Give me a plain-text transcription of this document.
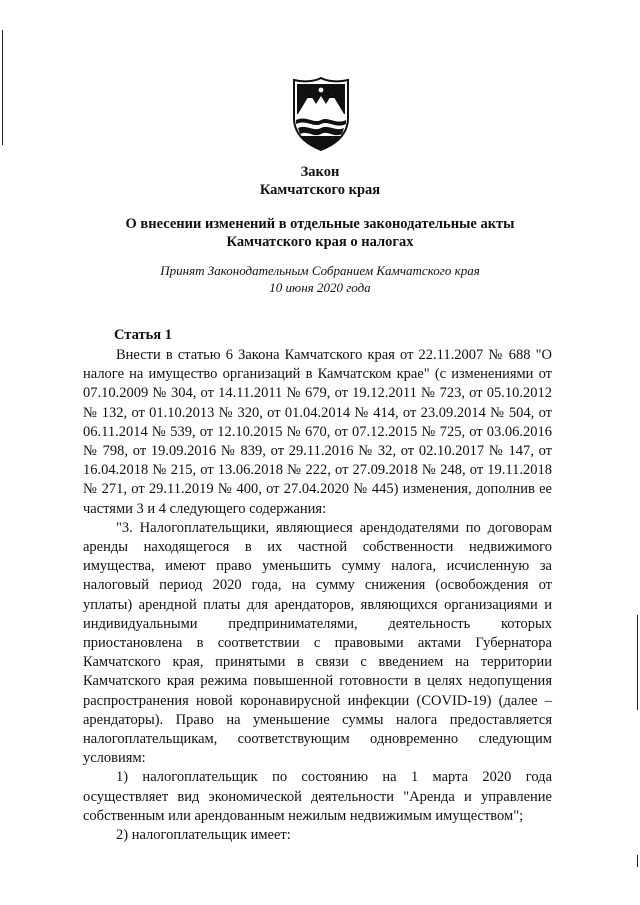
Закон
Камчатского края
О внесении изменений в отдельные законодательные акты
Камчатского края о налогах
Принят Законодательным Собранием Камчатского края
10 июня 2020 года
Статья 1

Внести в статью 6 Закона Камчатского края от 22.11.2007 № 688 "О налоге на имущество организаций в Камчатском крае" (с изменениями от 07.10.2009 № 304, от 14.11.2011 № 679, от 19.12.2011 № 723, от 05.10.2012 № 132, от 01.10.2013 № 320, от 01.04.2014 № 414, от 23.09.2014 № 504, от 06.11.2014 № 539, от 12.10.2015 № 670, от 07.12.2015 № 725, от 03.06.2016 № 798, от 19.09.2016 № 839, от 29.11.2016 № 32, от 02.10.2017 № 147, от 16.04.2018 № 215, от 13.06.2018 № 222, от 27.09.2018 № 248, от 19.11.2018 № 271, от 29.11.2019 № 400, от 27.04.2020 № 445) изменения, дополнив ее частями 3 и 4 следующего содержания:

"3. Налогоплательщики, являющиеся арендодателями по договорам аренды находящегося в их частной собственности недвижимого имущества, имеют право уменьшить сумму налога, исчисленную за налоговый период 2020 года, на сумму снижения (освобождения от уплаты) арендной платы для арендаторов, являющихся организациями и индивидуальными предпринимателями, деятельность которых приостановлена в соответствии с правовыми актами Губернатора Камчатского края, принятыми в связи с введением на территории Камчатского края режима повышенной готовности в целях недопущения распространения новой коронавирусной инфекции (COVID-19) (далее – арендаторы). Право на уменьшение суммы налога предоставляется налогоплательщикам, соответствующим одновременно следующим условиям:

1) налогоплательщик по состоянию на 1 марта 2020 года осуществляет вид экономической деятельности "Аренда и управление собственным или арендованным нежилым недвижимым имуществом";

2) налогоплательщик имеет:
